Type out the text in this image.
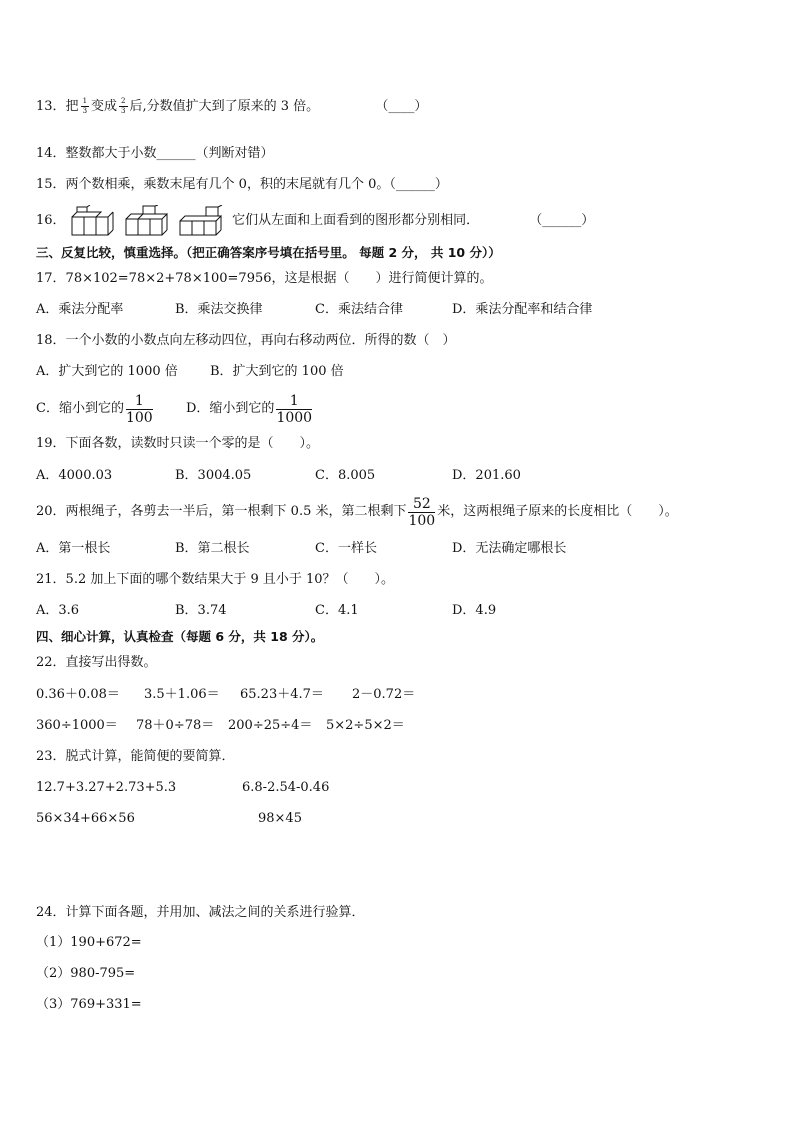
13．把 $\frac{1}{3}$ 变成 $\frac{2}{3}$ 后,分数值扩大到了原来的 3 倍。	（____）
14．整数都大于小数______（判断对错）
15．两个数相乘，乘数末尾有几个 0，积的末尾就有几个 0。（______）
16．	它们从左面和上面看到的图形都分别相同．	（______）
三、反复比较，慎重选择。（把正确答案序号填在括号里。 每题 2 分， 共 10 分））
17．78×102=78×2+78×100=7956，这是根据（　　）进行简便计算的。
A．乘法分配率	B．乘法交换律	C．乘法结合律	D．乘法分配率和结合律
18．一个小数的小数点向左移动四位，再向右移动两位．所得的数（　）
A．扩大到它的 1000 倍 B．扩大到它的 100 倍
C．缩小到它的 $\frac{1}{100}$	D．缩小到它的 $\frac{1}{1000}$
19．下面各数，读数时只读一个零的是（　　）。
A．4000.03	B．3004.05	C．8.005	D．201.60
20．两根绳子，各剪去一半后，第一根剩下 0.5 米，第二根剩下 $\frac{52}{100}$ 米，这两根绳子原来的长度相比（　　）。
A．第一根长	B．第二根长	C．一样长	D．无法确定哪根长
21．5.2 加上下面的哪个数结果大于 9 且小于 10？（　　）。
A．3.6	B．3.74	C．4.1	D．4.9
四、细心计算，认真检查（每题 6 分，共 18 分）。
22．直接写出得数。
0.36＋0.08＝ 3.5＋1.06＝ 65.23＋4.7＝ 2－0.72＝
360÷1000＝ 78＋0÷78＝ 200÷25÷4＝ 5×2÷5×2＝
23．脱式计算，能简便的要简算．
12.7+3.27+2.73+5.3	6.8-2.54-0.46
56×34+66×56	98×45
24．计算下面各题，并用加、减法之间的关系进行验算．
（1）190+672=
（2）980-795=
（3）769+331=
